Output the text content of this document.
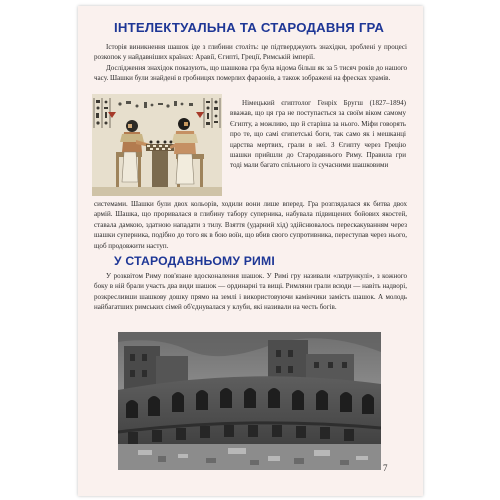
ІНТЕЛЕКТУАЛЬНА ТА СТАРОДАВНЯ ГРА

Історія виникнення шашок іде з глибини століть: це підтверджують знахідки, зроблені у процесі розкопок у найдавніших країнах: Аравії, Єгипті, Греції, Римській імперії.

Дослідження знахідок показують, що шашкова гра була відома більш як за 5 тисяч років до нашого часу. Шашки були знайдені в гробницях померлих фараонів, а також зображені на фресках храмів.

Німецький єгиптолог Генріх Бругш (1827–1894) вважав, що ця гра не поступається за своїм віком самому Єгипту, а можливо, що й старіша за нього. Міфи говорять про те, що самі єгипетські боги, так само як і мешканці царства мертвих, грали в неї. З Єгипту через Грецію шашки прийшли до Стародавнього Риму. Правила гри тоді мали багато спільного із сучасними шашковими

системами. Шашки були двох кольорів, ходили вони лише вперед. Гра розглядалася як битва двох армій. Шашка, що проривалася в глибину табору суперника, набувала підвищених бойових якостей, ставала дамкою, здатною нападати з тилу. Взяття (ударний хід) здійснювалось перескакуванням через шашки суперника, подібно до того як в бою воїн, що вбив свого супротивника, переступав через нього, щоб продовжити наступ.

У СТАРОДАВНЬОМУ РИМІ

У розквітом Риму пов'язане вдосконалення шашок. У Римі гру називали «латрункулі», з кожного боку в ній брали участь два види шашок — ординарні та вищі. Римляни грали всюди — навіть надворі, розкресливши шашкову дошку прямо на землі і використовуючи камінчики замість шашок. А молодь найбагатших римських сімей об'єднувалася у клуби, які називали на честь богів.

7
